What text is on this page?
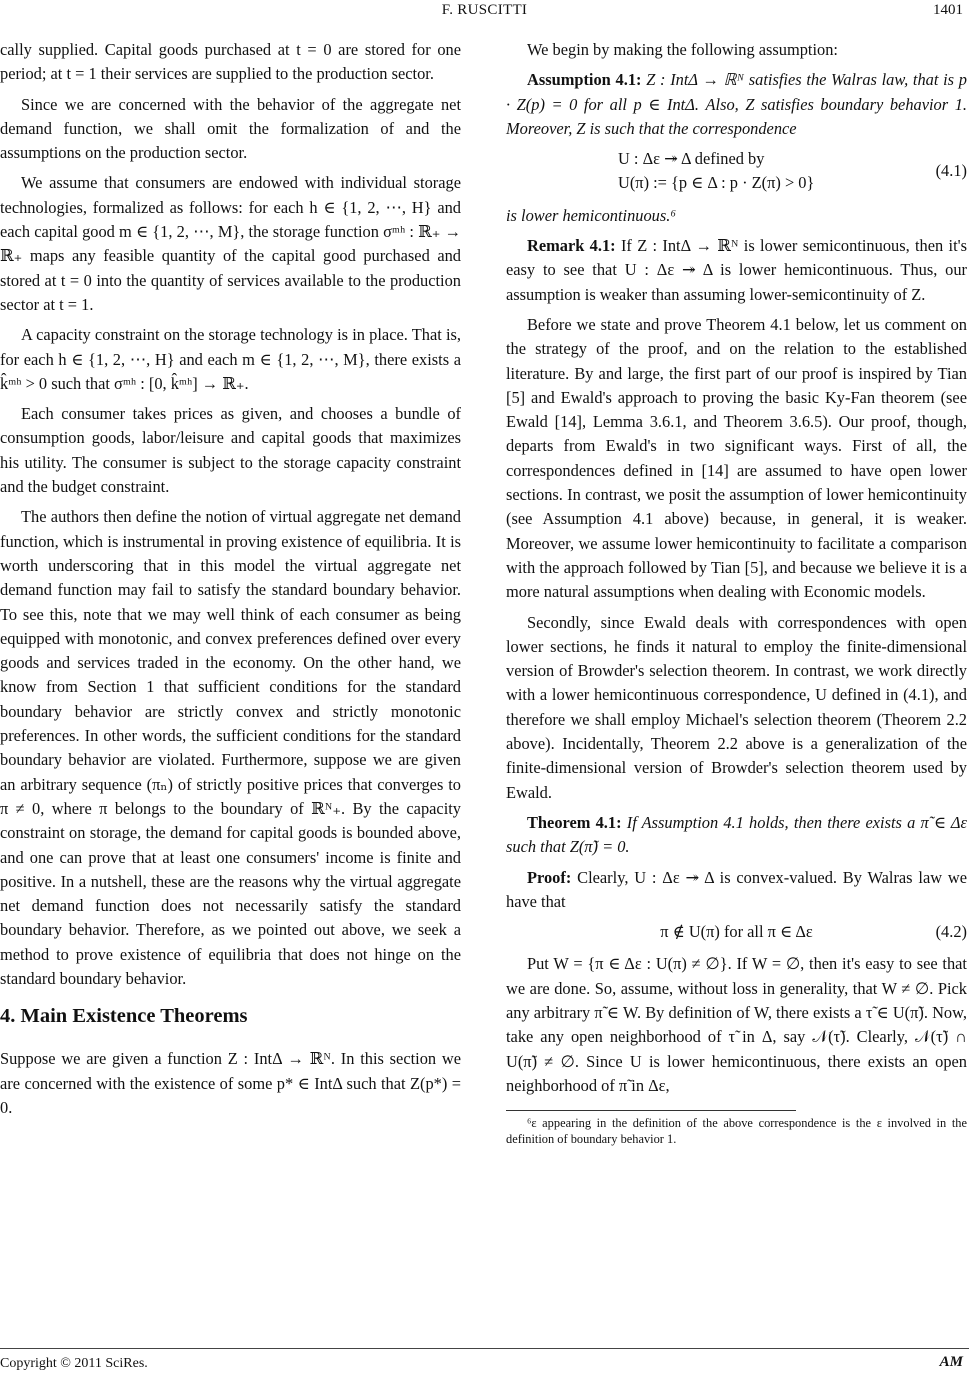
F. RUSCITTI	1401

cally supplied. Capital goods purchased at t = 0 are stored for one period; at t = 1 their services are supplied to the production sector.

Since we are concerned with the behavior of the aggregate net demand function, we shall omit the formalization of and the assumptions on the production sector.

We assume that consumers are endowed with individual storage technologies, formalized as follows: for each h ∈ {1, 2, ⋯, H} and each capital good m ∈ {1, 2, ⋯, M}, the storage function σᵐʰ : ℝ₊ → ℝ₊ maps any feasible quantity of the capital good purchased and stored at t = 0 into the quantity of services available to the production sector at t = 1.

A capacity constraint on the storage technology is in place. That is, for each h ∈ {1, 2, ⋯, H} and each m ∈ {1, 2, ⋯, M}, there exists a k̂ᵐʰ > 0 such that σᵐʰ : [0, k̂ᵐʰ] → ℝ₊.

Each consumer takes prices as given, and chooses a bundle of consumption goods, labor/leisure and capital goods that maximizes his utility. The consumer is subject to the storage capacity constraint and the budget constraint.

The authors then define the notion of virtual aggregate net demand function, which is instrumental in proving existence of equilibria. It is worth underscoring that in this model the virtual aggregate net demand function may fail to satisfy the standard boundary behavior. To see this, note that we may well think of each consumer as being equipped with monotonic, and convex preferences defined over every goods and services traded in the economy. On the other hand, we know from Section 1 that sufficient conditions for the standard boundary behavior are strictly convex and strictly monotonic preferences. In other words, the sufficient conditions for the standard boundary behavior are violated. Furthermore, suppose we are given an arbitrary sequence (πₙ) of strictly positive prices that converges to π ≠ 0, where π belongs to the boundary of ℝᴺ₊. By the capacity constraint on storage, the demand for capital goods is bounded above, and one can prove that at least one consumers' income is finite and positive. In a nutshell, these are the reasons why the virtual aggregate net demand function does not necessarily satisfy the standard boundary behavior. Therefore, as we pointed out above, we seek a method to prove existence of equilibria that does not hinge on the standard boundary behavior.

4. Main Existence Theorems

Suppose we are given a function Z : IntΔ → ℝᴺ. In this section we are concerned with the existence of some p* ∈ IntΔ such that Z(p*) = 0.

We begin by making the following assumption:

Assumption 4.1: Z : IntΔ → ℝᴺ satisfies the Walras law, that is p · Z(p) = 0 for all p ∈ IntΔ. Also, Z satisfies boundary behavior 1. Moreover, Z is such that the correspondence

U : Δε ↠ Δ defined by
U(π) := {p ∈ Δ : p · Z(π) > 0}
(4.1)

is lower hemicontinuous.⁶

Remark 4.1: If Z : IntΔ → ℝᴺ is lower semicontinuous, then it's easy to see that U : Δε ↠ Δ is lower hemicontinuous. Thus, our assumption is weaker than assuming lower-semicontinuity of Z.

Before we state and prove Theorem 4.1 below, let us comment on the strategy of the proof, and on the relation to the established literature. By and large, the first part of our proof is inspired by Tian [5] and Ewald's approach to proving the basic Ky-Fan theorem (see Ewald [14], Lemma 3.6.1, and Theorem 3.6.5). Our proof, though, departs from Ewald's in two significant ways. First of all, the correspondences defined in [14] are assumed to have open lower sections. In contrast, we posit the assumption of lower hemicontinuity (see Assumption 4.1 above) because, in general, it is weaker. Moreover, we assume lower hemicontinuity to facilitate a comparison with the approach followed by Tian [5], and because we believe it is a more natural assumptions when dealing with Economic models.

Secondly, since Ewald deals with correspondences with open lower sections, he finds it natural to employ the finite-dimensional version of Browder's selection theorem. In contrast, we work directly with a lower hemicontinuous correspondence, U defined in (4.1), and therefore we shall employ Michael's selection theorem (Theorem 2.2 above). Incidentally, Theorem 2.2 above is a generalization of the finite-dimensional version of Browder's selection theorem used by Ewald.

Theorem 4.1: If Assumption 4.1 holds, then there exists a π̃ ∈ Δε such that Z(π̃) = 0.

Proof: Clearly, U : Δε ↠ Δ is convex-valued. By Walras law we have that

π ∉ U(π) for all π ∈ Δε	(4.2)

Put W = {π ∈ Δε : U(π) ≠ ∅}. If W = ∅, then it's easy to see that we are done. So, assume, without loss in generality, that W ≠ ∅. Pick any arbitrary π̃ ∈ W. By definition of W, there exists a τ̃ ∈ U(π̃). Now, take any open neighborhood of τ̃ in Δ, say 𝒩(τ̃). Clearly, 𝒩(τ̃) ∩ U(π̃) ≠ ∅. Since U is lower hemicontinuous, there exists an open neighborhood of π̃ in Δε,

⁶ε appearing in the definition of the above correspondence is the ε involved in the definition of boundary behavior 1.

Copyright © 2011 SciRes.	AM
